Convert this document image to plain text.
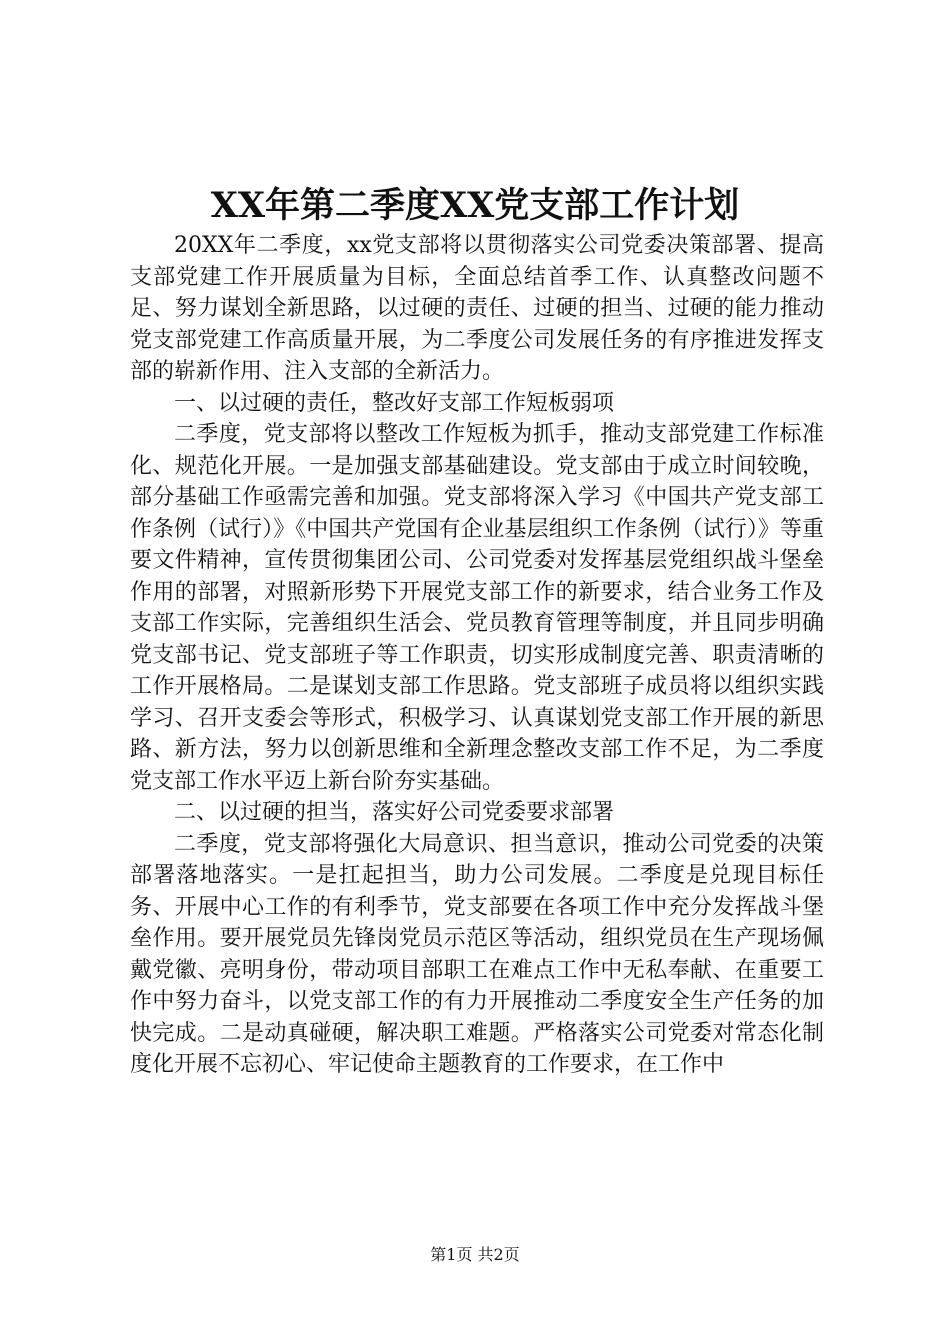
XX年第二季度XX党支部工作计划

20XX年二季度，xx党支部将以贯彻落实公司党委决策部署、提高支部党建工作开展质量为目标，全面总结首季工作、认真整改问题不足、努力谋划全新思路，以过硬的责任、过硬的担当、过硬的能力推动党支部党建工作高质量开展，为二季度公司发展任务的有序推进发挥支部的崭新作用、注入支部的全新活力。

一、以过硬的责任，整改好支部工作短板弱项

二季度，党支部将以整改工作短板为抓手，推动支部党建工作标准化、规范化开展。一是加强支部基础建设。党支部由于成立时间较晚，部分基础工作亟需完善和加强。党支部将深入学习《中国共产党支部工作条例（试行）》《中国共产党国有企业基层组织工作条例（试行）》等重要文件精神，宣传贯彻集团公司、公司党委对发挥基层党组织战斗堡垒作用的部署，对照新形势下开展党支部工作的新要求，结合业务工作及支部工作实际，完善组织生活会、党员教育管理等制度，并且同步明确党支部书记、党支部班子等工作职责，切实形成制度完善、职责清晰的工作开展格局。二是谋划支部工作思路。党支部班子成员将以组织实践学习、召开支委会等形式，积极学习、认真谋划党支部工作开展的新思路、新方法，努力以创新思维和全新理念整改支部工作不足，为二季度党支部工作水平迈上新台阶夯实基础。

二、以过硬的担当，落实好公司党委要求部署

二季度，党支部将强化大局意识、担当意识，推动公司党委的决策部署落地落实。一是扛起担当，助力公司发展。二季度是兑现目标任务、开展中心工作的有利季节，党支部要在各项工作中充分发挥战斗堡垒作用。要开展党员先锋岗党员示范区等活动，组织党员在生产现场佩戴党徽、亮明身份，带动项目部职工在难点工作中无私奉献、在重要工作中努力奋斗，以党支部工作的有力开展推动二季度安全生产任务的加快完成。二是动真碰硬，解决职工难题。严格落实公司党委对常态化制度化开展不忘初心、牢记使命主题教育的工作要求，在工作中

第1页 共2页
